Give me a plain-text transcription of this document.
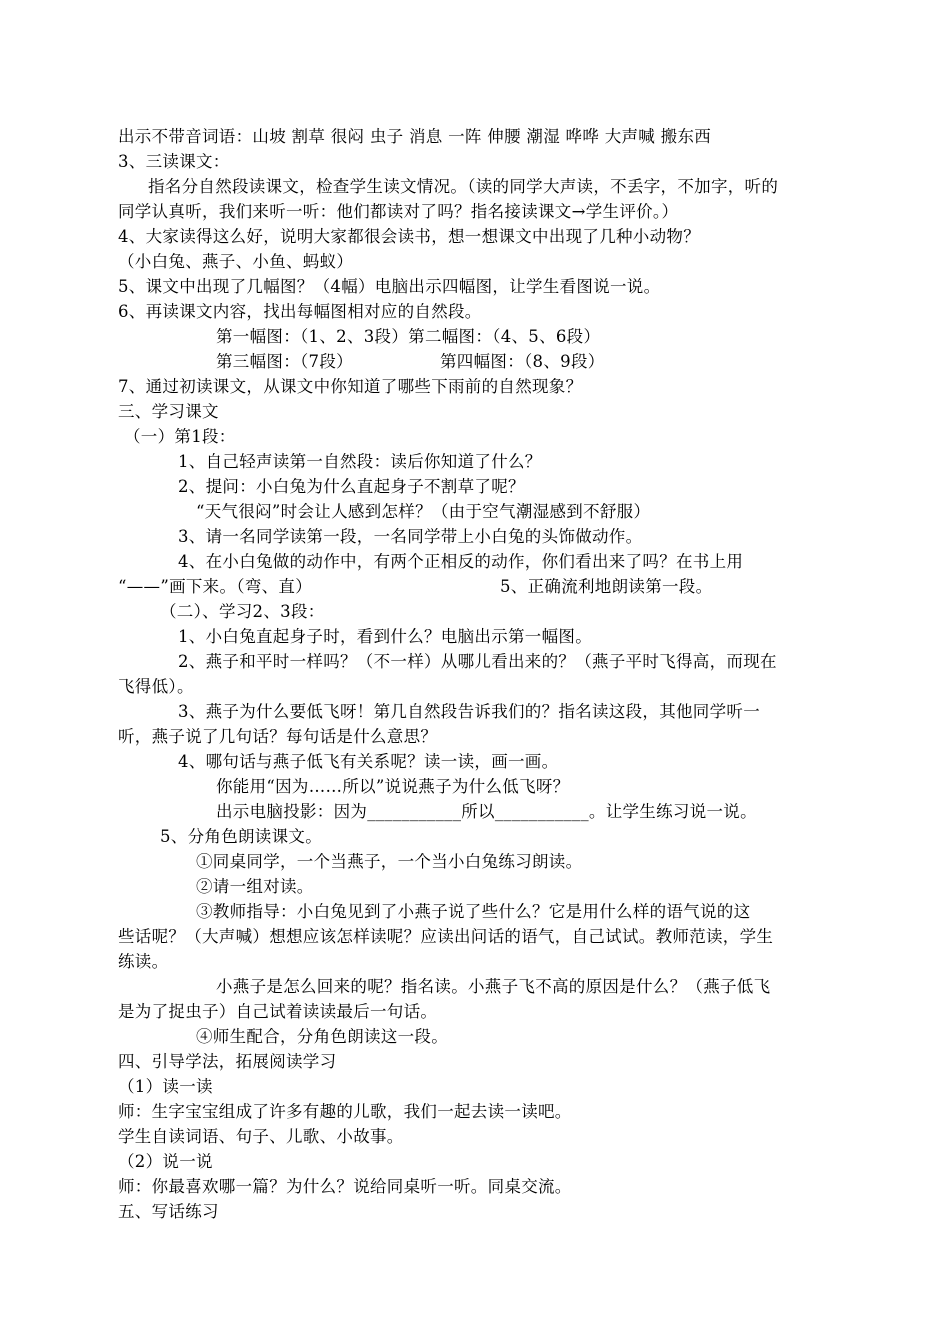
出示不带音词语：山坡 割草 很闷 虫子 消息 一阵 伸腰 潮湿 哗哗 大声喊 搬东西
3、三读课文：
指名分自然段读课文，检查学生读文情况。（读的同学大声读，不丢字，不加字，听的
同学认真听，我们来听一听：他们都读对了吗？指名接读课文→学生评价。）
4、大家读得这么好，说明大家都很会读书，想一想课文中出现了几种小动物？
（小白兔、燕子、小鱼、蚂蚁）
5、课文中出现了几幅图？（4幅）电脑出示四幅图，让学生看图说一说。
6、再读课文内容，找出每幅图相对应的自然段。
第一幅图：（1、2、3段）第二幅图：（4、5、6段）
第三幅图：（7段）	第四幅图：（8、9段）
7、通过初读课文，从课文中你知道了哪些下雨前的自然现象？
三、学习课文
（一）第1段：
1、自己轻声读第一自然段：读后你知道了什么？
2、提问：小白兔为什么直起身子不割草了呢？
“天气很闷”时会让人感到怎样？（由于空气潮湿感到不舒服）
3、请一名同学读第一段，一名同学带上小白兔的头饰做动作。
4、在小白兔做的动作中，有两个正相反的动作，你们看出来了吗？在书上用
“——”画下来。（弯、直）	5、正确流利地朗读第一段。
（二）、学习2、3段：
1、小白兔直起身子时，看到什么？电脑出示第一幅图。
2、燕子和平时一样吗？（不一样）从哪儿看出来的？（燕子平时飞得高，而现在
飞得低）。
3、燕子为什么要低飞呀！第几自然段告诉我们的？指名读这段，其他同学听一
听，燕子说了几句话？每句话是什么意思？
4、哪句话与燕子低飞有关系呢？读一读，画一画。
你能用“因为……所以”说说燕子为什么低飞呀？
出示电脑投影：因为___________所以___________。让学生练习说一说。
5、分角色朗读课文。
①同桌同学，一个当燕子，一个当小白兔练习朗读。
②请一组对读。
③教师指导：小白兔见到了小燕子说了些什么？它是用什么样的语气说的这
些话呢？（大声喊）想想应该怎样读呢？应读出问话的语气，自己试试。教师范读，学生
练读。
小燕子是怎么回来的呢？指名读。小燕子飞不高的原因是什么？（燕子低飞
是为了捉虫子）自己试着读读最后一句话。
④师生配合，分角色朗读这一段。
四、引导学法，拓展阅读学习
（1）读一读
师：生字宝宝组成了许多有趣的儿歌，我们一起去读一读吧。
学生自读词语、句子、儿歌、小故事。
（2）说一说
师：你最喜欢哪一篇？为什么？说给同桌听一听。同桌交流。
五、写话练习
